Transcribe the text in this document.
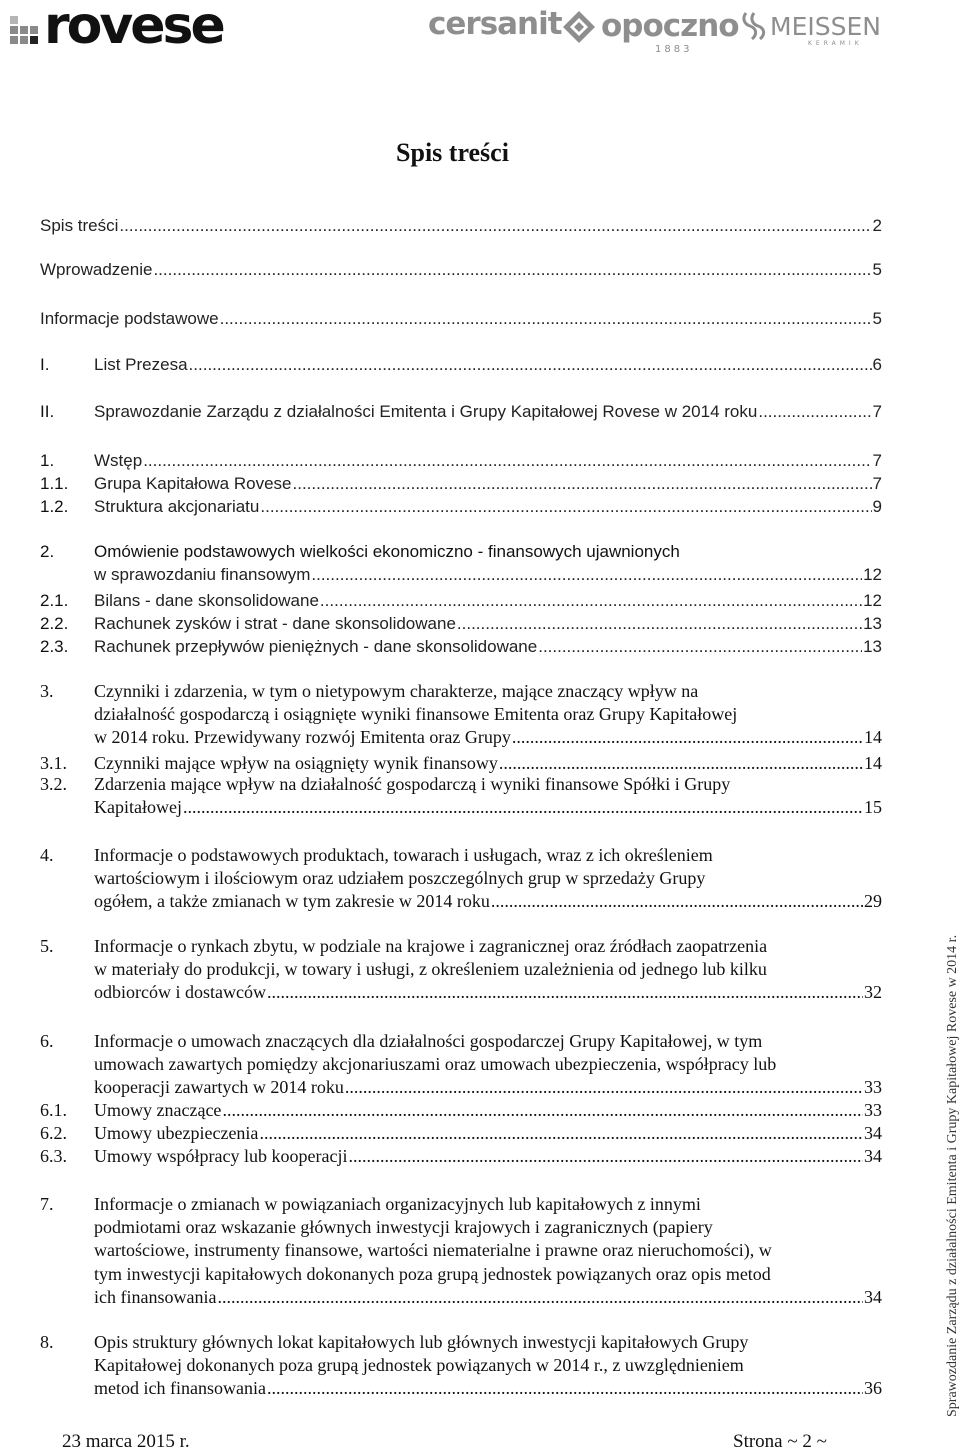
rovese	cersanit opoczno
1883
MEISSEN
KERAMIK
Spis treści
Spis treści .....	2
Wprowadzenie .....	5
Informacje podstawowe .....	5
I.	List Prezesa .....	6
II. Sprawozdanie Zarządu z działalności Emitenta i Grupy Kapitałowej Rovese w 2014 roku .....	7
1. Wstęp .....	7
1.1. Grupa Kapitałowa Rovese .....	7
1.2. Struktura akcjonariatu .....	9
2. Omówienie podstawowych wielkości ekonomiczno - finansowych ujawnionych
w sprawozdaniu finansowym .....	12
2.1. Bilans - dane skonsolidowane .....	12
2.2. Rachunek zysków i strat - dane skonsolidowane .....	13
2.3. Rachunek przepływów pieniężnych - dane skonsolidowane .....	13
3. Czynniki i zdarzenia, w tym o nietypowym charakterze, mające znaczący wpływ na
działalność gospodarczą i osiągnięte wyniki finansowe Emitenta oraz Grupy Kapitałowej
w 2014 roku. Przewidywany rozwój Emitenta oraz Grupy .....	14
3.1. Czynniki mające wpływ na osiągnięty wynik finansowy .....	14
3.2. Zdarzenia mające wpływ na działalność gospodarczą i wyniki finansowe Spółki i Grupy
Kapitałowej .....	15
4. Informacje o podstawowych produktach, towarach i usługach, wraz z ich określeniem
wartościowym i ilościowym oraz udziałem poszczególnych grup w sprzedaży Grupy
ogółem, a także zmianach w tym zakresie w 2014 roku .....	29
5. Informacje o rynkach zbytu, w podziale na krajowe i zagranicznej oraz źródłach zaopatrzenia
w materiały do produkcji, w towary i usługi, z określeniem uzależnienia od jednego lub kilku
odbiorców i dostawców .....	32
6. Informacje o umowach znaczących dla działalności gospodarczej Grupy Kapitałowej, w tym
umowach zawartych pomiędzy akcjonariuszami oraz umowach ubezpieczenia, współpracy lub
kooperacji zawartych w 2014 roku .....	33
6.1. Umowy znaczące .....	33
6.2. Umowy ubezpieczenia .....	34
6.3. Umowy współpracy lub kooperacji .....	34
7. Informacje o zmianach w powiązaniach organizacyjnych lub kapitałowych z innymi
podmiotami oraz wskazanie głównych inwestycji krajowych i zagranicznych (papiery
wartościowe, instrumenty finansowe, wartości niematerialne i prawne oraz nieruchomości), w
tym inwestycji kapitałowych dokonanych poza grupą jednostek powiązanych oraz opis metod
ich finansowania .....	34
8. Opis struktury głównych lokat kapitałowych lub głównych inwestycji kapitałowych Grupy
Kapitałowej dokonanych poza grupą jednostek powiązanych w 2014 r., z uwzględnieniem
metod ich finansowania .....	36	Sprawozdanie Zarządu z działalności Emitenta i Grupy Kapitałowej Rovese w 2014 r.
23 marca 2015 r.	Strona ~ 2 ~
